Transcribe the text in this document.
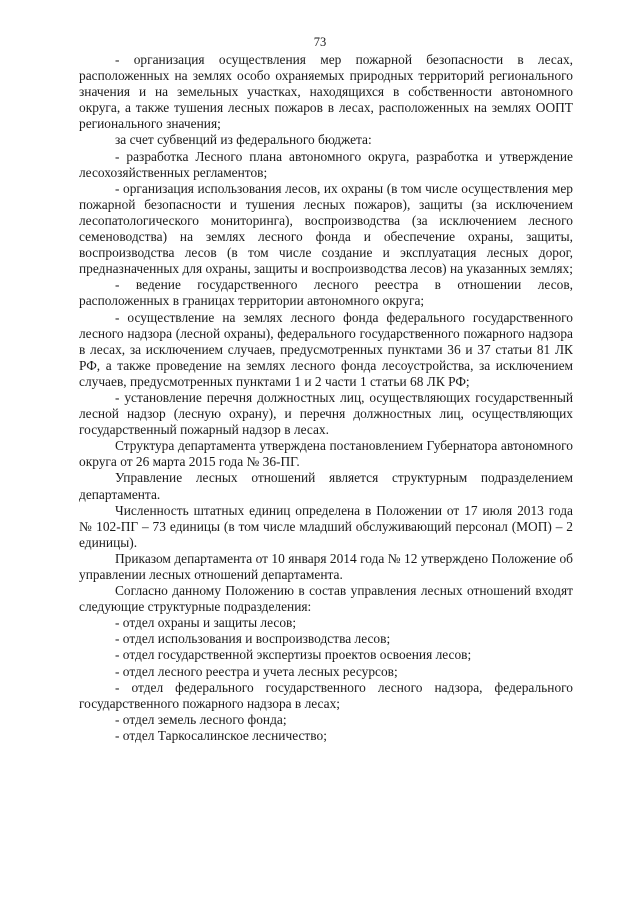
73

- организация осуществления мер пожарной безопасности в лесах, расположенных на землях особо охраняемых природных территорий регионального значения и на земельных участках, находящихся в собственности автономного округа, а также тушения лесных пожаров в лесах, расположенных на землях ООПТ регионального значения;

за счет субвенций из федерального бюджета:

- разработка Лесного плана автономного округа, разработка и утверждение лесохозяйственных регламентов;

- организация использования лесов, их охраны (в том числе осуществления мер пожарной безопасности и тушения лесных пожаров), защиты (за исключением лесопатологического мониторинга), воспроизводства (за исключением лесного семеноводства) на землях лесного фонда и обеспечение охраны, защиты, воспроизводства лесов (в том числе создание и эксплуатация лесных дорог, предназначенных для охраны, защиты и воспроизводства лесов) на указанных землях;

- ведение государственного лесного реестра в отношении лесов, расположенных в границах территории автономного округа;

- осуществление на землях лесного фонда федерального государственного лесного надзора (лесной охраны), федерального государственного пожарного надзора в лесах, за исключением случаев, предусмотренных пунктами 36 и 37 статьи 81 ЛК РФ, а также проведение на землях лесного фонда лесоустройства, за исключением случаев, предусмотренных пунктами 1 и 2 части 1 статьи 68 ЛК РФ;

- установление перечня должностных лиц, осуществляющих государственный лесной надзор (лесную охрану), и перечня должностных лиц, осуществляющих государственный пожарный надзор в лесах.

Структура департамента утверждена постановлением Губернатора автономного округа от 26 марта 2015 года № 36-ПГ.

Управление лесных отношений является структурным подразделением департамента.

Численность штатных единиц определена в Положении от 17 июля 2013 года № 102-ПГ – 73 единицы (в том числе младший обслуживающий персонал (МОП) – 2 единицы).

Приказом департамента от 10 января 2014 года № 12 утверждено Положение об управлении лесных отношений департамента.

Согласно данному Положению в состав управления лесных отношений входят следующие структурные подразделения:

- отдел охраны и защиты лесов;

- отдел использования и воспроизводства лесов;

- отдел государственной экспертизы проектов освоения лесов;

- отдел лесного реестра и учета лесных ресурсов;

- отдел федерального государственного лесного надзора, федерального государственного пожарного надзора в лесах;

- отдел земель лесного фонда;

- отдел Таркосалинское лесничество;
